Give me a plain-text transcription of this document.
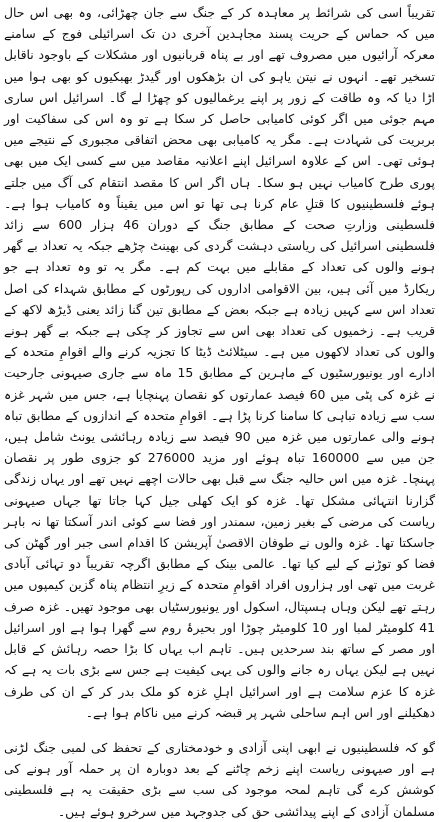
تقریباً اسی کی شرائط پر معاہدہ کر کے جنگ سے جان چھڑائی، وہ بھی اس حال میں کہ حماس کے حریت پسند مجاہدین آخری دن تک اسرائیلی فوج کے سامنے معرکہ آرائیوں میں مصروف تھے اور بے پناہ قربانیوں اور مشکلات کے باوجود ناقابل تسخیر تھے۔ انہوں نے نیتن یاہو کی ان بڑھکوں اور گیدڑ بھبکیوں کو بھی ہوا میں اڑا دیا کہ وہ طاقت کے زور پر اپنے یرغمالیوں کو چھڑا لے گا۔ اسرائیل اس ساری مہم جوئی میں اگر کوئی کامیابی حاصل کر سکا ہے تو وہ اس کی سفاکیت اور بربریت کی شہادت ہے۔ مگر یہ کامیابی بھی محض اتفاقی مجبوری کے نتیجے میں ہوئی تھی۔ اس کے علاوہ اسرائیل اپنے اعلانیہ مقاصد میں سے کسی ایک میں بھی پوری طرح کامیاب نہیں ہو سکا۔ ہاں اگر اس کا مقصد انتقام کی آگ میں جلتے ہوئے فلسطینیوں کا قتلِ عام کرنا ہی تھا تو اس میں یقیناً وہ کامیاب ہوا ہے۔ فلسطینی وزارتِ صحت کے مطابق جنگ کے دوران 46 ہزار 600 سے زائد فلسطینی اسرائیل کی ریاستی دہشت گردی کی بھینٹ چڑھے جبکہ یہ تعداد بے گھر ہونے والوں کی تعداد کے مقابلے میں بہت کم ہے۔ مگر یہ تو وہ تعداد ہے جو ریکارڈ میں آئی ہیں، بین الاقوامی اداروں کی رپورٹوں کے مطابق شہداء کی اصل تعداد اس سے کہیں زیادہ ہے جبکہ بعض کے مطابق تین گنا زائد یعنی ڈیڑھ لاکھ کے قریب ہے۔ زخمیوں کی تعداد بھی اس سے تجاوز کر چکی ہے جبکہ بے گھر ہونے والوں کی تعداد لاکھوں میں ہے۔ سیٹلائٹ ڈیٹا کا تجزیہ کرنے والے اقوامِ متحدہ کے ادارے اور یونیورسٹیوں کے ماہرین کے مطابق 15 ماہ سے جاری صیہونی جارحیت نے غزہ کی پٹی میں 60 فیصد عمارتوں کو نقصان پہنچایا ہے، جس میں شہر غزہ سب سے زیادہ تباہی کا سامنا کرنا پڑا ہے۔ اقوامِ متحدہ کے اندازوں کے مطابق تباہ ہونے والی عمارتوں میں غزہ میں 90 فیصد سے زیادہ رہائشی یونٹ شامل ہیں، جن میں سے 160000 تباہ ہوئے اور مزید 276000 کو جزوی طور پر نقصان پہنچا۔ غزہ میں اس حالیہ جنگ سے قبل بھی حالات اچھے نہیں تھے اور یہاں زندگی گزارنا انتہائی مشکل تھا۔ غزہ کو ایک کھلی جیل کہا جاتا تھا جہاں صیہونی ریاست کی مرضی کے بغیر زمین، سمندر اور فضا سے کوئی اندر آسکتا تھا نہ باہر جاسکتا تھا۔ غزہ والوں نے طوفان الاقصیٰ آپریشن کا اقدام اسی جبر اور گھٹن کی فضا کو توڑنے کے لیے کیا تھا۔ عالمی بینک کے مطابق اگرچہ تقریباً دو تہائی آبادی غربت میں تھی اور ہزاروں افراد اقوامِ متحدہ کے زیرِ انتظام پناہ گزین کیمپوں میں رہتے تھے لیکن وہاں ہسپتال، اسکول اور یونیورسٹیاں بھی موجود تھیں۔ غزہ صرف 41 کلومیٹر لمبا اور 10 کلومیٹر چوڑا اور بحیرۂ روم سے گھرا ہوا ہے اور اسرائیل اور مصر کے ساتھ بند سرحدیں ہیں۔ تاہم اب یہاں کا بڑا حصہ رہائش کے قابل نہیں ہے لیکن یہاں رہ جانے والوں کی یہی کیفیت ہے جس سے بڑی بات یہ ہے کہ غزہ کا عزم سلامت ہے اور اسرائیل اہلِ غزہ کو ملک بدر کر کے ان کی طرف دھکیلنے اور اس اہم ساحلی شہر پر قبضہ کرنے میں ناکام ہوا ہے۔

گو کہ فلسطینیوں نے ابھی اپنی آزادی و خودمختاری کے تحفظ کی لمبی جنگ لڑنی ہے اور صیہونی ریاست اپنے زخم چاٹنے کے بعد دوبارہ ان پر حملہ آور ہونے کی کوشش کرے گی تاہم لمحہ موجود کی سب سے بڑی حقیقت یہ ہے فلسطینی مسلمان آزادی کے اپنے پیدائشی حق کی جدوجہد میں سرخرو ہوئے ہیں۔
